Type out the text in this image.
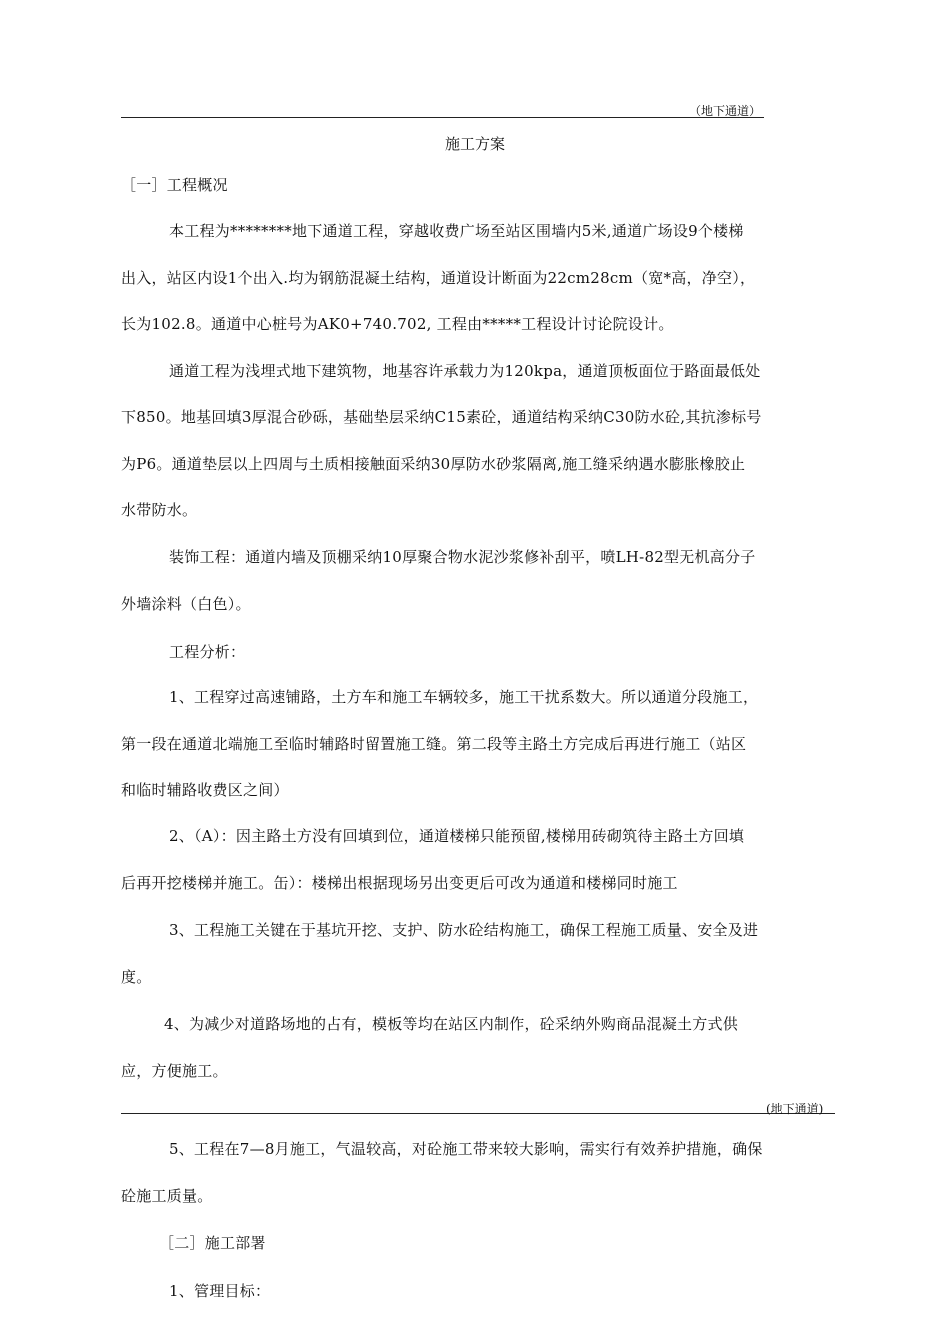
（地下通道）
施工方案
［一］工程概况
本工程为********地下通道工程，穿越收费广场至站区围墙内5米,通道广场设9个楼梯
出入，站区内设1个出入.均为钢筋混凝土结构，通道设计断面为22cm28cm（宽*高，净空），
长为102.8。通道中心桩号为AK0+740.702, 工程由*****工程设计讨论院设计。
通道工程为浅埋式地下建筑物，地基容许承载力为120kpa，通道顶板面位于路面最低处
下850。地基回填3厚混合砂砾，基础垫层采纳C15素砼，通道结构采纳C30防水砼,其抗渗标号
为P6。通道垫层以上四周与土质相接触面采纳30厚防水砂浆隔离,施工缝采纳遇水膨胀橡胶止
水带防水。
装饰工程：通道内墙及顶棚采纳10厚聚合物水泥沙浆修补刮平，喷LH-82型无机高分子
外墙涂料（白色）。
工程分析：
1、工程穿过高速铺路，土方车和施工车辆较多，施工干扰系数大。所以通道分段施工，
第一段在通道北端施工至临时辅路时留置施工缝。第二段等主路土方完成后再进行施工（站区
和临时辅路收费区之间）
2、（A）：因主路土方没有回填到位，通道楼梯只能预留,楼梯用砖砌筑待主路土方回填
后再开挖楼梯并施工。缶）：楼梯出根据现场另出变更后可改为通道和楼梯同时施工
3、工程施工关键在于基坑开挖、支护、防水砼结构施工，确保工程施工质量、安全及进
度。
4、为减少对道路场地的占有，模板等均在站区内制作，砼采纳外购商品混凝土方式供
应，方便施工。
(地下通道)
5、工程在7—8月施工，气温较高，对砼施工带来较大影响，需实行有效养护措施，确保
砼施工质量。
［二］施工部署
1、管理目标：
